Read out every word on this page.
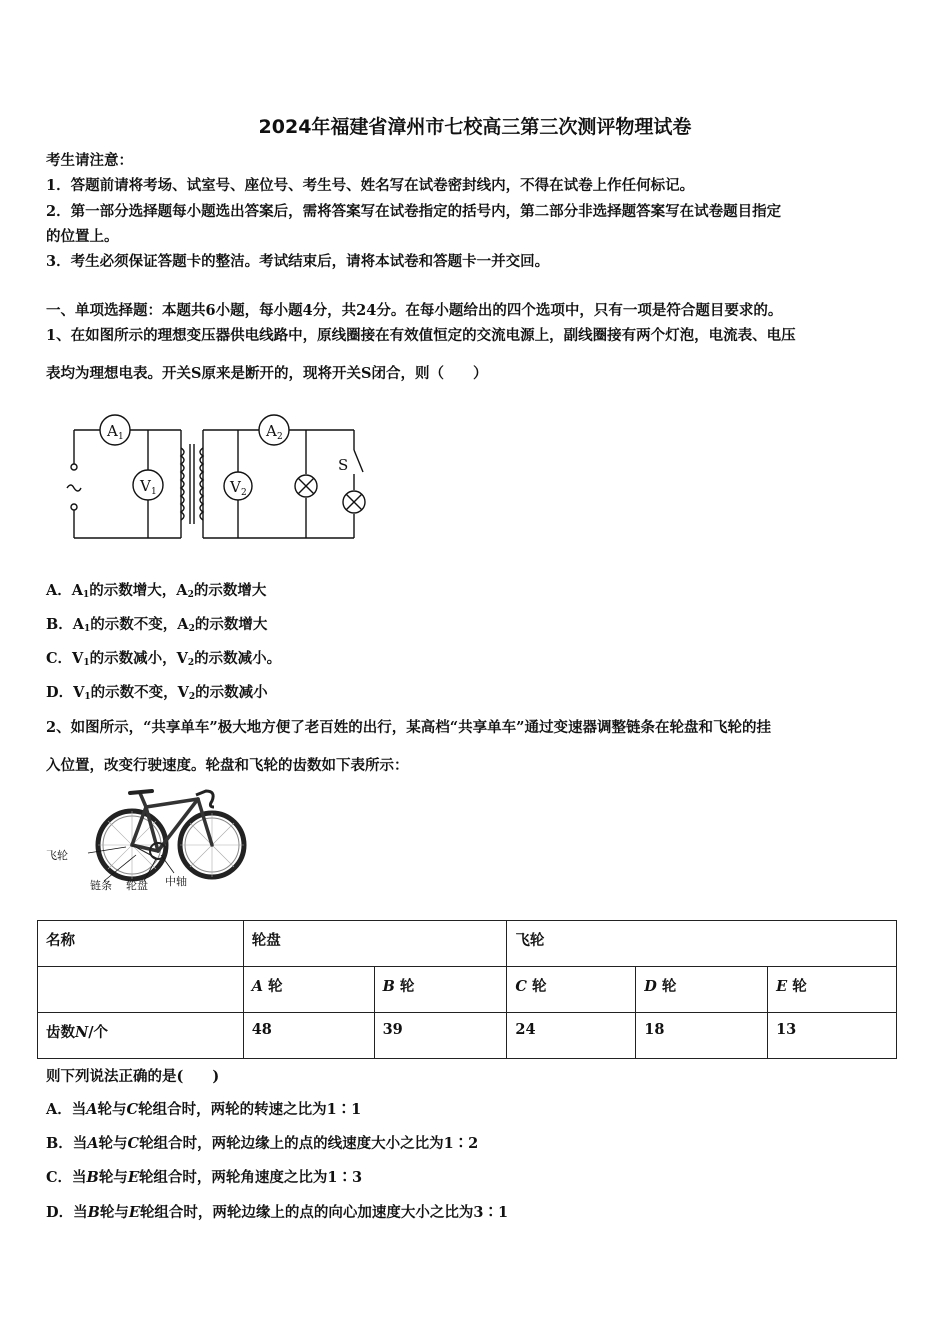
2024年福建省漳州市七校高三第三次测评物理试卷
考生请注意：
1．答题前请将考场、试室号、座位号、考生号、姓名写在试卷密封线内，不得在试卷上作任何标记。
2．第一部分选择题每小题选出答案后，需将答案写在试卷指定的括号内，第二部分非选择题答案写在试卷题目指定
的位置上。
3．考生必须保证答题卡的整洁。考试结束后，请将本试卷和答题卡一并交回。
一、单项选择题：本题共6小题，每小题4分，共24分。在每小题给出的四个选项中，只有一项是符合题目要求的。
1、在如图所示的理想变压器供电线路中，原线圈接在有效值恒定的交流电源上，副线圈接有两个灯泡，电流表、电压
表均为理想电表。开关S原来是断开的，现将开关S闭合，则（　　）
A 1
V 1
A 2
V 2
S
A．$A_1$的示数增大，$A_2$的示数增大
B．$A_1$的示数不变，$A_2$的示数增大
C．$V_1$的示数减小，$V_2$的示数减小。
D．$V_1$的示数不变，$V_2$的示数减小
2、如图所示，“共享单车”极大地方便了老百姓的出行，某高档“共享单车”通过变速器调整链条在轮盘和飞轮的挂
入位置，改变行驶速度。轮盘和飞轮的齿数如下表所示：
飞轮
链条 轮盘 中轴
名称	轮盘		飞轮		
	A 轮	B 轮	C 轮	D 轮	E 轮
齿数N/个	48	39	24	18	13
则下列说法正确的是(　　)
A．当A轮与C轮组合时，两轮的转速之比为1∶1
B．当A轮与C轮组合时，两轮边缘上的点的线速度大小之比为1∶2
C．当B轮与E轮组合时，两轮角速度之比为1∶3
D．当B轮与E轮组合时，两轮边缘上的点的向心加速度大小之比为3∶1
